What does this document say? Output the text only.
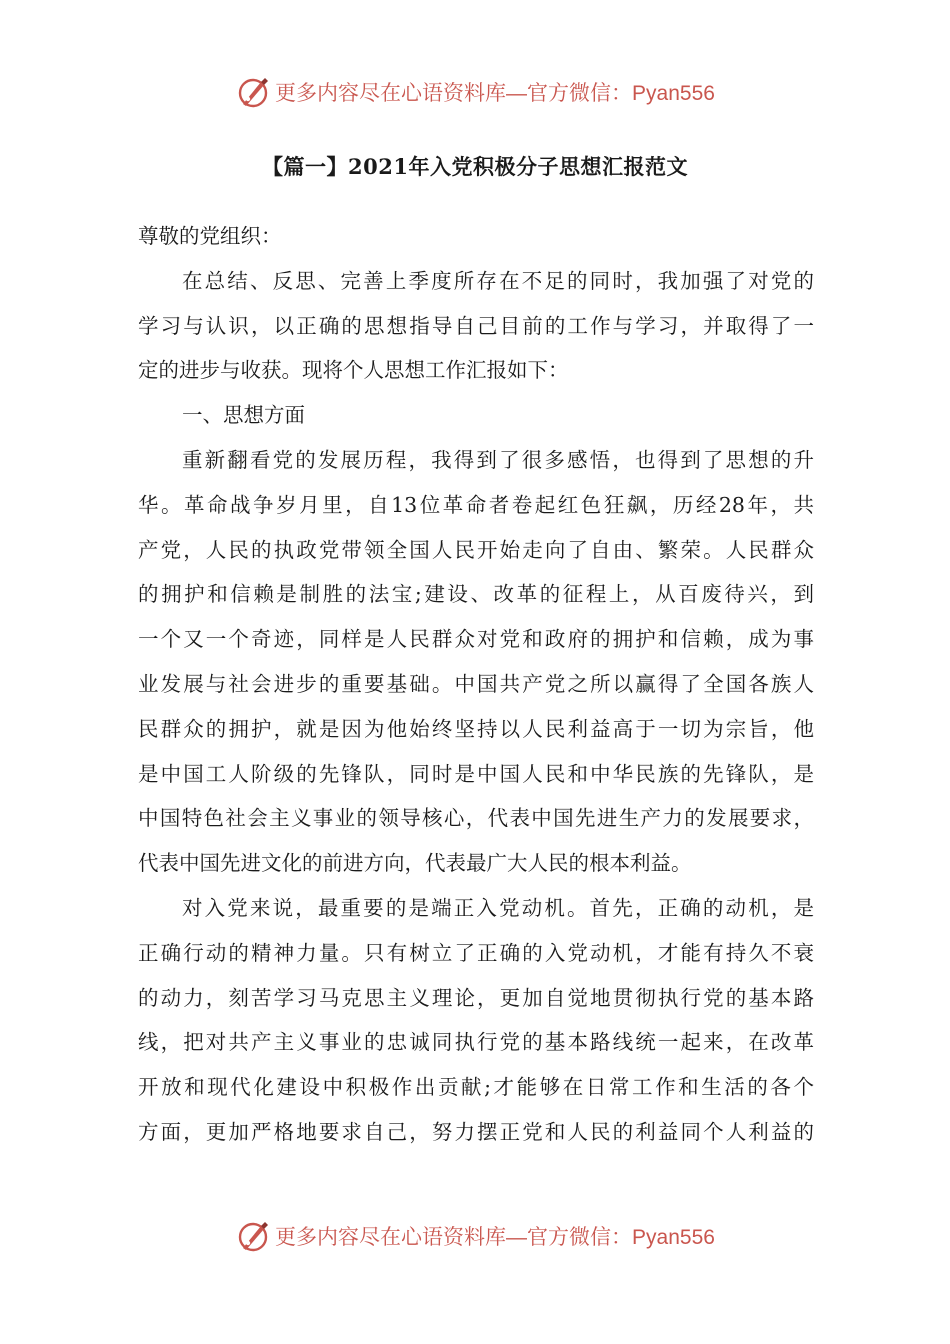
更多内容尽在心语资料库 —官方微信：Pyan556
【篇一】2021年入党积极分子思想汇报范文
尊敬的党组织：
在总结、反思、完善上季度所存在不足的同时，我加强了对党的
学习与认识，以正确的思想指导自己目前的工作与学习，并取得了一
定的进步与收获。现将个人思想工作汇报如下：
一、思想方面
重新翻看党的发展历程，我得到了很多感悟，也得到了思想的升
华。革命战争岁月里，自13位革命者卷起红色狂飙，历经28年，共
产党，人民的执政党带领全国人民开始走向了自由、繁荣。人民群众
的拥护和信赖是制胜的法宝;建设、改革的征程上，从百废待兴，到
一个又一个奇迹，同样是人民群众对党和政府的拥护和信赖，成为事
业发展与社会进步的重要基础。中国共产党之所以赢得了全国各族人
民群众的拥护，就是因为他始终坚持以人民利益高于一切为宗旨，他
是中国工人阶级的先锋队，同时是中国人民和中华民族的先锋队，是
中国特色社会主义事业的领导核心，代表中国先进生产力的发展要求，
代表中国先进文化的前进方向，代表最广大人民的根本利益。
对入党来说，最重要的是端正入党动机。首先，正确的动机，是
正确行动的精神力量。只有树立了正确的入党动机，才能有持久不衰
的动力，刻苦学习马克思主义理论，更加自觉地贯彻执行党的基本路
线，把对共产主义事业的忠诚同执行党的基本路线统一起来，在改革
开放和现代化建设中积极作出贡献;才能够在日常工作和生活的各个
方面，更加严格地要求自己，努力摆正党和人民的利益同个人利益的
更多内容尽在心语资料库 —官方微信：Pyan556
